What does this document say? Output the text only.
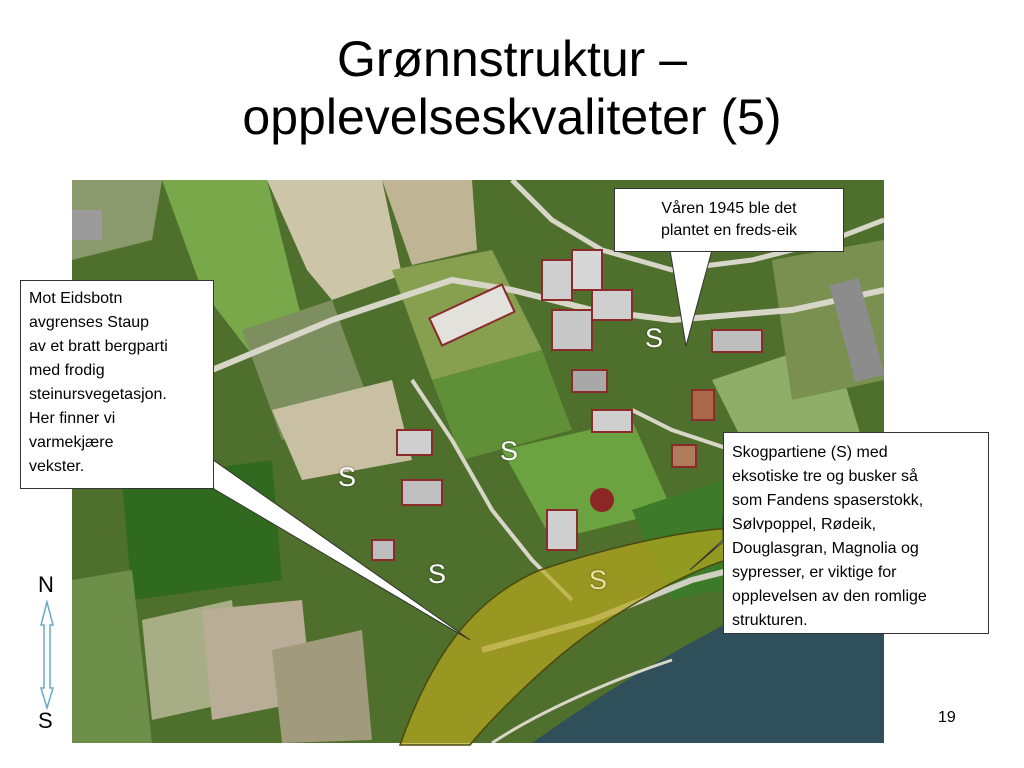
Grønnstruktur –
opplevelseskvaliteter (5)
Våren 1945 ble det
plantet en freds-eik
Mot Eidsbotn
avgrenses Staup
av et bratt bergparti
med frodig
steinursvegetasjon.
Her finner vi
varmekjære
vekster.
Skogpartiene (S) med
eksotiske tre og busker så
som Fandens spaserstokk,
Sølvpoppel, Rødeik,
Douglasgran, Magnolia og
sypresser, er viktige for
opplevelsen av den romlige
strukturen.
S
S
S
S	S
N
S	19
